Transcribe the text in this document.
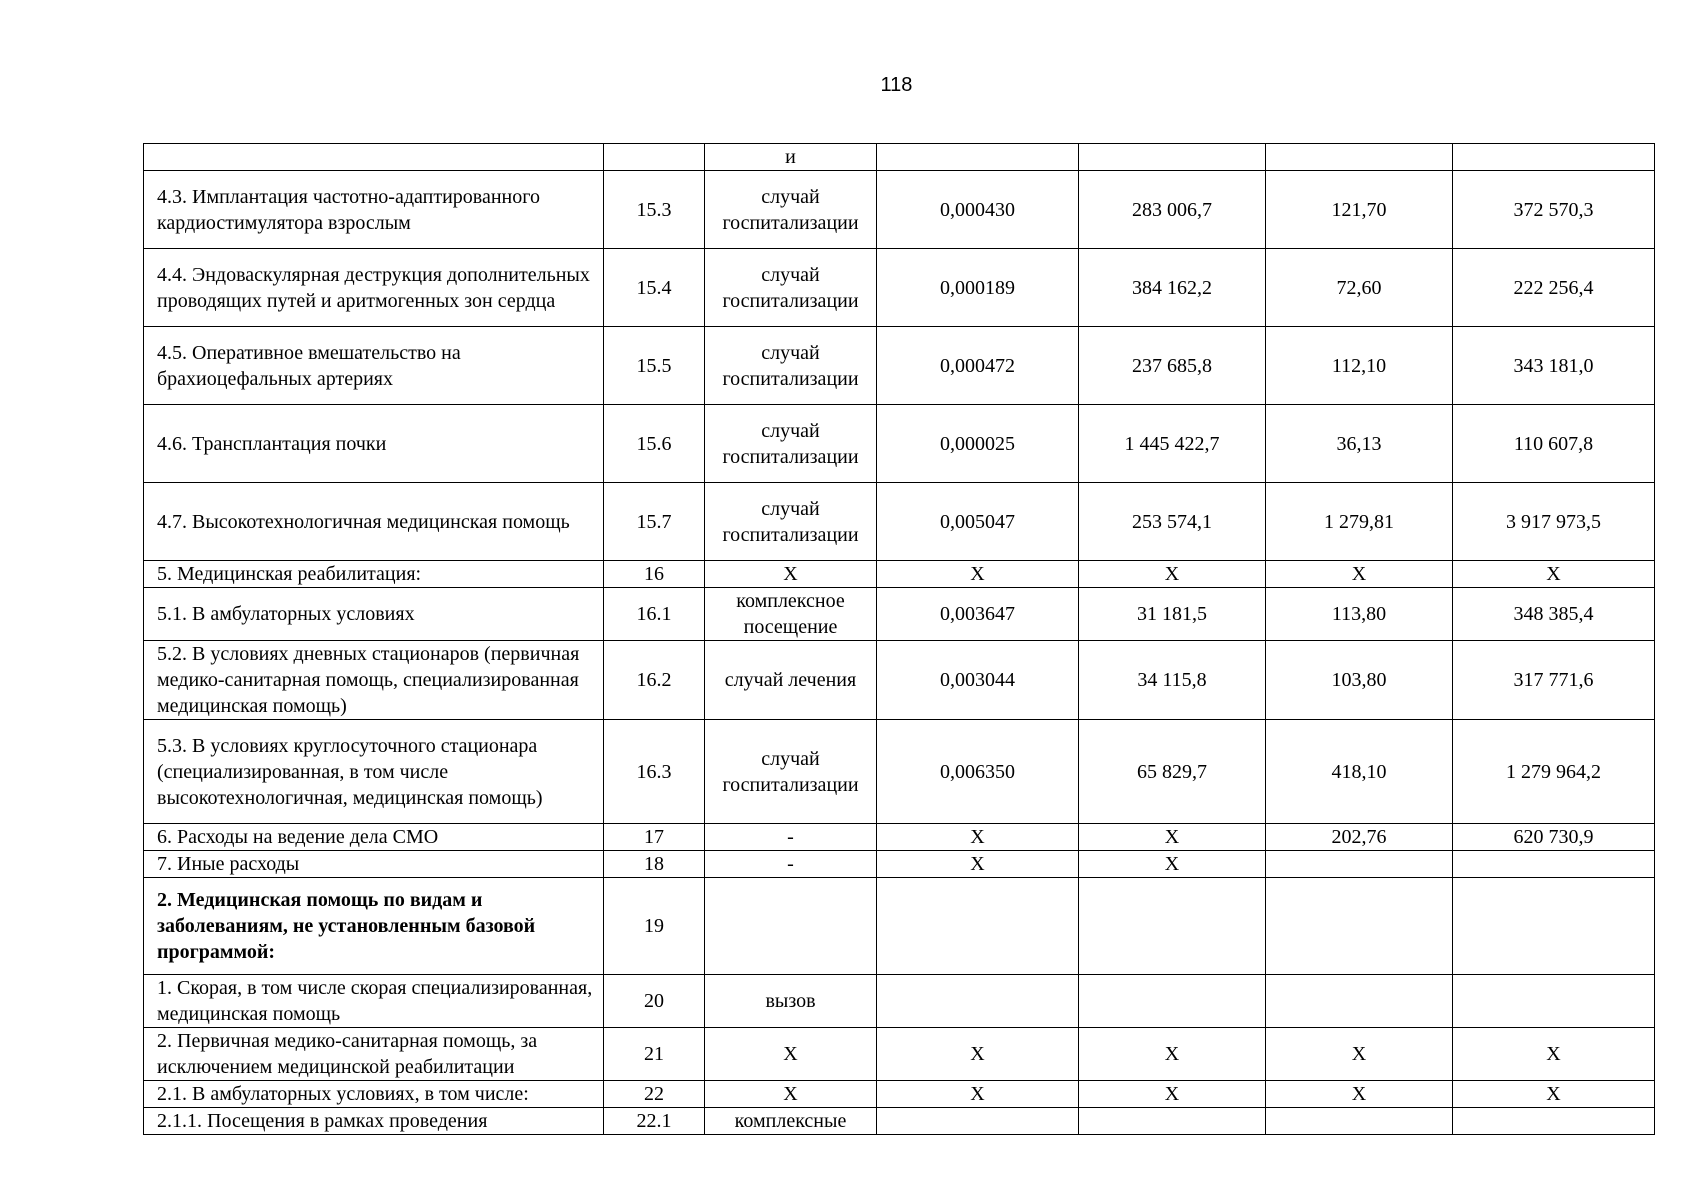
118
		и				
4.3. Имплантация частотно-адаптированного кардиостимулятора взрослым	15.3	случай госпитализации	0,000430	283 006,7	121,70	372 570,3
4.4. Эндоваскулярная деструкция дополнительных проводящих путей и аритмогенных зон сердца	15.4	случай госпитализации	0,000189	384 162,2	72,60	222 256,4
4.5. Оперативное вмешательство на брахиоцефальных артериях	15.5	случай госпитализации	0,000472	237 685,8	112,10	343 181,0
4.6. Трансплантация почки	15.6	случай госпитализации	0,000025	1 445 422,7	36,13	110 607,8
4.7. Высокотехнологичная медицинская помощь	15.7	случай госпитализации	0,005047	253 574,1	1 279,81	3 917 973,5
5. Медицинская реабилитация:	16	Х	Х	Х	Х	Х
5.1. В амбулаторных условиях	16.1	комплексное посещение	0,003647	31 181,5	113,80	348 385,4
5.2. В условиях дневных стационаров (первичная медико-санитарная помощь, специализированная медицинская помощь)	16.2	случай лечения	0,003044	34 115,8	103,80	317 771,6
5.3. В условиях круглосуточного стационара (специализированная, в том числе высокотехнологичная, медицинская помощь)	16.3	случай госпитализации	0,006350	65 829,7	418,10	1 279 964,2
6. Расходы на ведение дела СМО	17	-	Х	Х	202,76	620 730,9
7. Иные расходы	18	-	Х	Х		
2. Медицинская помощь по видам и заболеваниям, не установленным базовой программой:	19					
1. Скорая, в том числе скорая специализированная, медицинская помощь	20	вызов				
2. Первичная медико-санитарная помощь, за исключением медицинской реабилитации	21	Х	Х	Х	Х	Х
2.1. В амбулаторных условиях, в том числе:	22	Х	Х	Х	Х	Х
2.1.1. Посещения в рамках проведения	22.1	комплексные				
